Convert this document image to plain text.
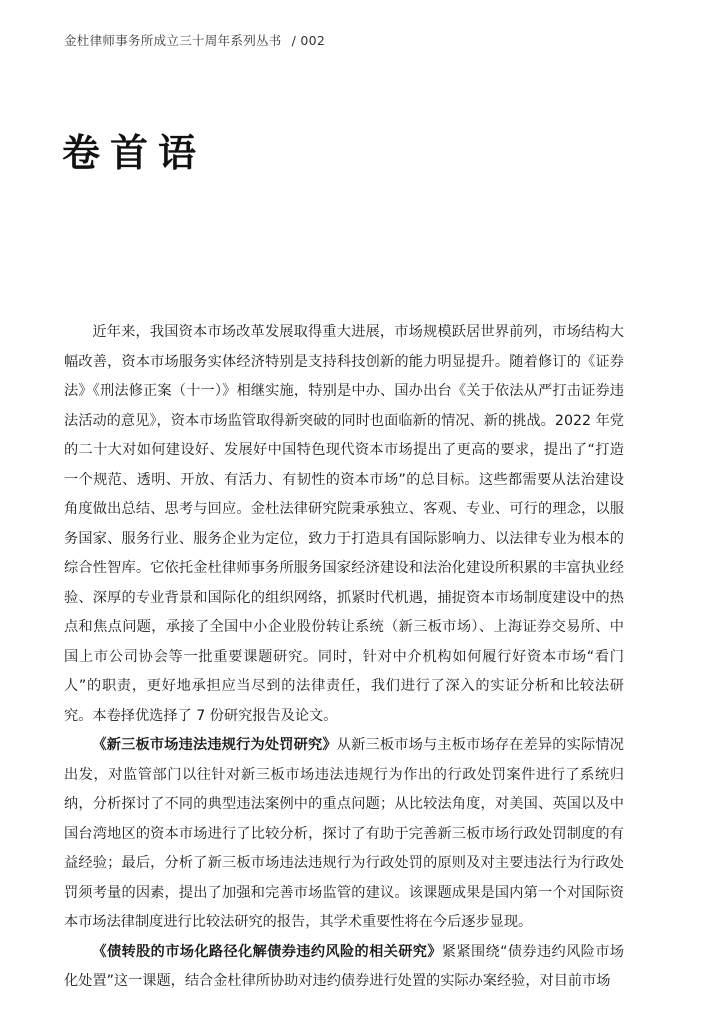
金杜律师事务所成立三十周年系列丛书 / 002
卷首语

近年来，我国资本市场改革发展取得重大进展，市场规模跃居世界前列，市场结构大幅改善，资本市场服务实体经济特别是支持科技创新的能力明显提升。随着修订的《证券法》《刑法修正案（十一）》相继实施，特别是中办、国办出台《关于依法从严打击证券违法活动的意见》，资本市场监管取得新突破的同时也面临新的情况、新的挑战。2022 年党的二十大对如何建设好、发展好中国特色现代资本市场提出了更高的要求，提出了“打造一个规范、透明、开放、有活力、有韧性的资本市场”的总目标。这些都需要从法治建设角度做出总结、思考与回应。金杜法律研究院秉承独立、客观、专业、可行的理念，以服务国家、服务行业、服务企业为定位，致力于打造具有国际影响力、以法律专业为根本的综合性智库。它依托金杜律师事务所服务国家经济建设和法治化建设所积累的丰富执业经验、深厚的专业背景和国际化的组织网络，抓紧时代机遇，捕捉资本市场制度建设中的热点和焦点问题，承接了全国中小企业股份转让系统（新三板市场）、上海证券交易所、中国上市公司协会等一批重要课题研究。同时，针对中介机构如何履行好资本市场“看门人”的职责，更好地承担应当尽到的法律责任，我们进行了深入的实证分析和比较法研究。本卷择优选择了 7 份研究报告及论文。

《新三板市场违法违规行为处罚研究》从新三板市场与主板市场存在差异的实际情况出发，对监管部门以往针对新三板市场违法违规行为作出的行政处罚案件进行了系统归纳，分析探讨了不同的典型违法案例中的重点问题；从比较法角度，对美国、英国以及中国台湾地区的资本市场进行了比较分析，探讨了有助于完善新三板市场行政处罚制度的有益经验；最后，分析了新三板市场违法违规行为行政处罚的原则及对主要违法行为行政处罚须考量的因素，提出了加强和完善市场监管的建议。该课题成果是国内第一个对国际资本市场法律制度进行比较法研究的报告，其学术重要性将在今后逐步显现。

《债转股的市场化路径化解债券违约风险的相关研究》紧紧围绕“债券违约风险市场化处置”这一课题，结合金杜律所协助对违约债券进行处置的实际办案经验，对目前市场
